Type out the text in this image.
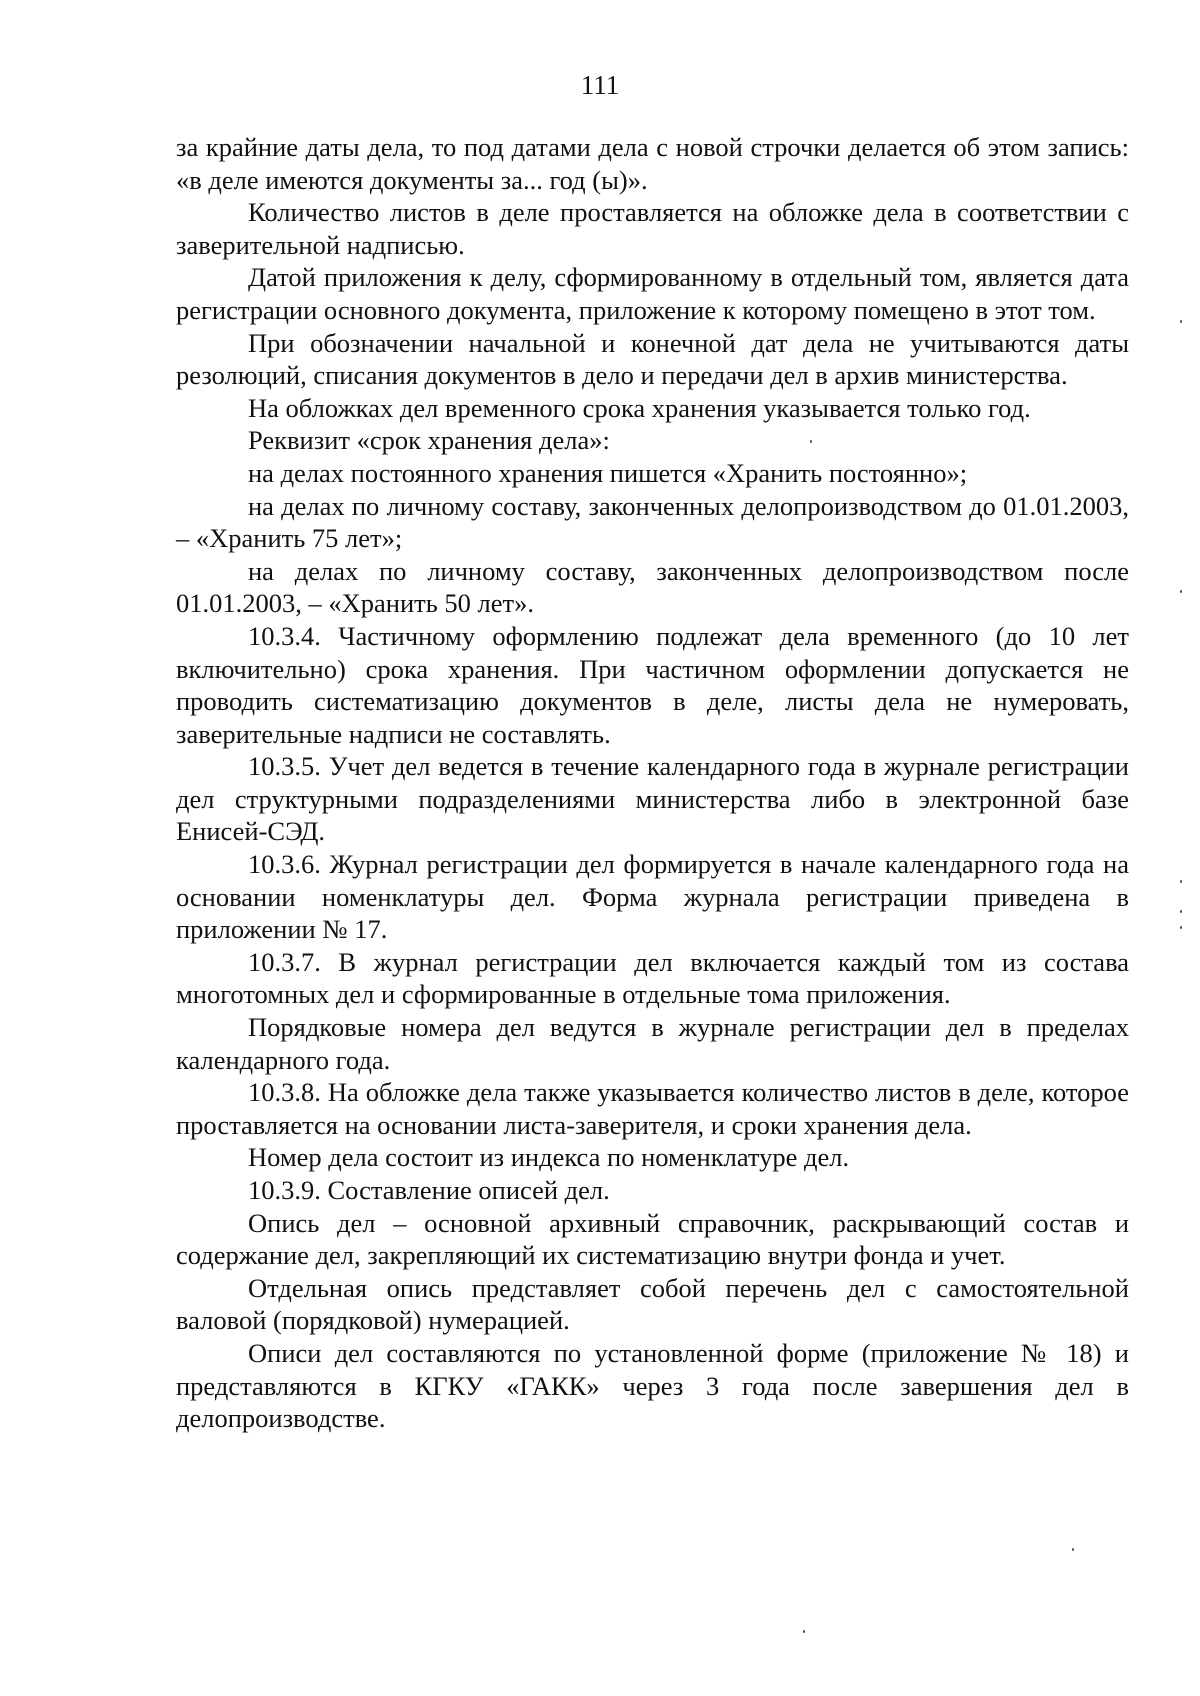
111

за крайние даты дела, то под датами дела с новой строчки делается об этом запись: «в деле имеются документы за... год (ы)».

Количество листов в деле проставляется на обложке дела в соответствии с заверительной надписью.

Датой приложения к делу, сформированному в отдельный том, является дата регистрации основного документа, приложение к которому помещено в этот том.

При обозначении начальной и конечной дат дела не учитываются даты резолюций, списания документов в дело и передачи дел в архив министерства.

На обложках дел временного срока хранения указывается только год.

Реквизит «срок хранения дела»:

на делах постоянного хранения пишется «Хранить постоянно»;

на делах по личному составу, законченных делопроизводством до 01.01.2003, – «Хранить 75 лет»;

на делах по личному составу, законченных делопроизводством после 01.01.2003, – «Хранить 50 лет».

10.3.4. Частичному оформлению подлежат дела временного (до 10 лет включительно) срока хранения. При частичном оформлении допускается не проводить систематизацию документов в деле, листы дела не нумеровать, заверительные надписи не составлять.

10.3.5. Учет дел ведется в течение календарного года в журнале регистрации дел структурными подразделениями министерства либо в электронной базе Енисей-СЭД.

10.3.6. Журнал регистрации дел формируется в начале календарного года на основании номенклатуры дел. Форма журнала регистрации приведена в приложении № 17.

10.3.7. В журнал регистрации дел включается каждый том из состава многотомных дел и сформированные в отдельные тома приложения.

Порядковые номера дел ведутся в журнале регистрации дел в пределах календарного года.

10.3.8. На обложке дела также указывается количество листов в деле, которое проставляется на основании листа-заверителя, и сроки хранения дела.

Номер дела состоит из индекса по номенклатуре дел.

10.3.9. Составление описей дел.

Опись дел – основной архивный справочник, раскрывающий состав и содержание дел, закрепляющий их систематизацию внутри фонда и учет.

Отдельная опись представляет собой перечень дел с самостоятельной валовой (порядковой) нумерацией.

Описи дел составляются по установленной форме (приложение № 18) и представляются в КГКУ «ГАКК» через 3 года после завершения дел в делопроизводстве.
